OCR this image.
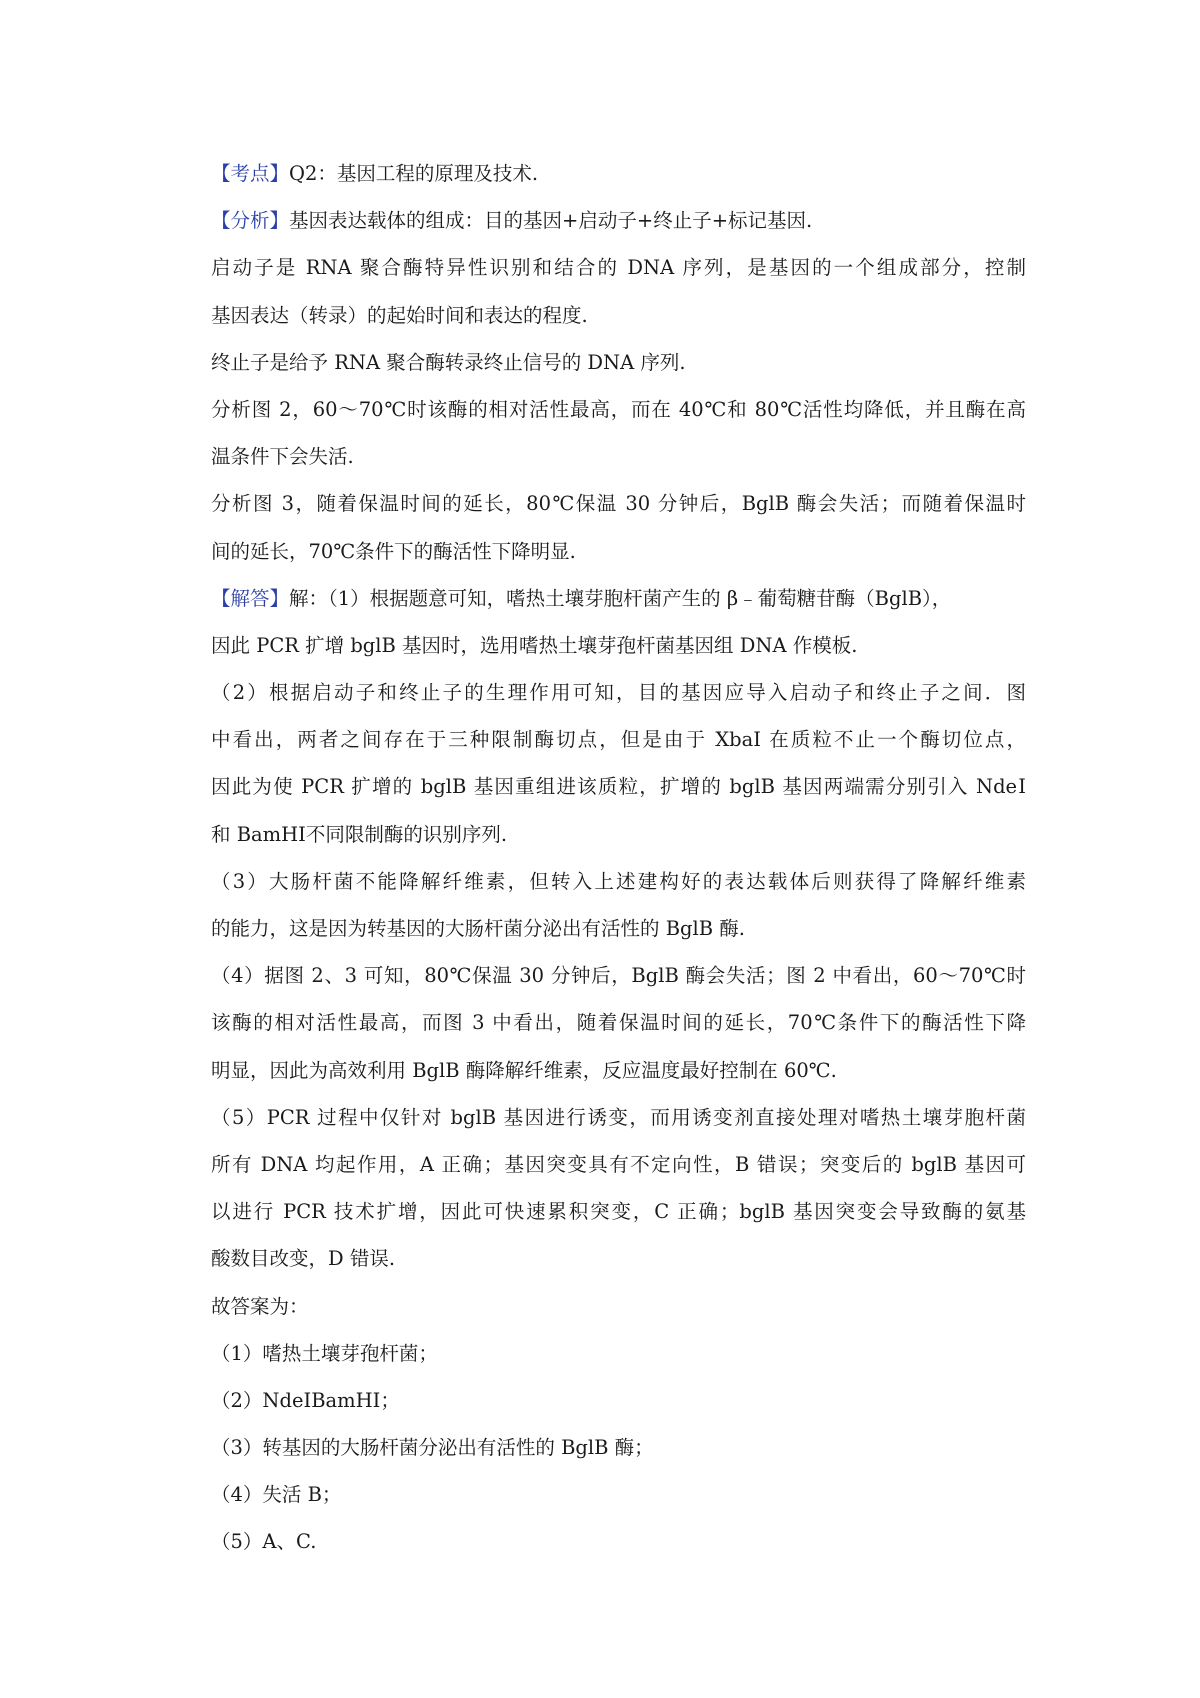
【考点】Q2：基因工程的原理及技术.
【分析】基因表达载体的组成：目的基因+启动子+终止子+标记基因.
启动子是 RNA 聚合酶特异性识别和结合的 DNA 序列，是基因的一个组成部分，控制
基因表达（转录）的起始时间和表达的程度.
终止子是给予 RNA 聚合酶转录终止信号的 DNA 序列.
分析图 2，60～70℃时该酶的相对活性最高，而在 40℃和 80℃活性均降低，并且酶在高
温条件下会失活.
分析图 3，随着保温时间的延长，80℃保温 30 分钟后，BglB 酶会失活；而随着保温时
间的延长，70℃条件下的酶活性下降明显.
【解答】解：（1）根据题意可知，嗜热土壤芽胞杆菌产生的 β﹣葡萄糖苷酶（BglB），
因此 PCR 扩增 bglB 基因时，选用嗜热土壤芽孢杆菌基因组 DNA 作模板.
（2）根据启动子和终止子的生理作用可知，目的基因应导入启动子和终止子之间．图
中看出，两者之间存在于三种限制酶切点，但是由于 XbaI 在质粒不止一个酶切位点，
因此为使 PCR 扩增的 bglB 基因重组进该质粒，扩增的 bglB 基因两端需分别引入 NdeⅠ
和 BamHⅠ不同限制酶的识别序列.
（3）大肠杆菌不能降解纤维素，但转入上述建构好的表达载体后则获得了降解纤维素
的能力，这是因为转基因的大肠杆菌分泌出有活性的 BglB 酶.
（4）据图 2、3 可知，80℃保温 30 分钟后，BglB 酶会失活；图 2 中看出，60～70℃时
该酶的相对活性最高，而图 3 中看出，随着保温时间的延长，70℃条件下的酶活性下降
明显，因此为高效利用 BglB 酶降解纤维素，反应温度最好控制在 60℃.
（5）PCR 过程中仅针对 bglB 基因进行诱变，而用诱变剂直接处理对嗜热土壤芽胞杆菌
所有 DNA 均起作用，A 正确；基因突变具有不定向性，B 错误；突变后的 bglB 基因可
以进行 PCR 技术扩增，因此可快速累积突变，C 正确；bglB 基因突变会导致酶的氨基
酸数目改变，D 错误.
故答案为：
（1）嗜热土壤芽孢杆菌；
（2）NdeⅠBamHⅠ；
（3）转基因的大肠杆菌分泌出有活性的 BglB 酶；
（4）失活 B；
（5）A、C.
